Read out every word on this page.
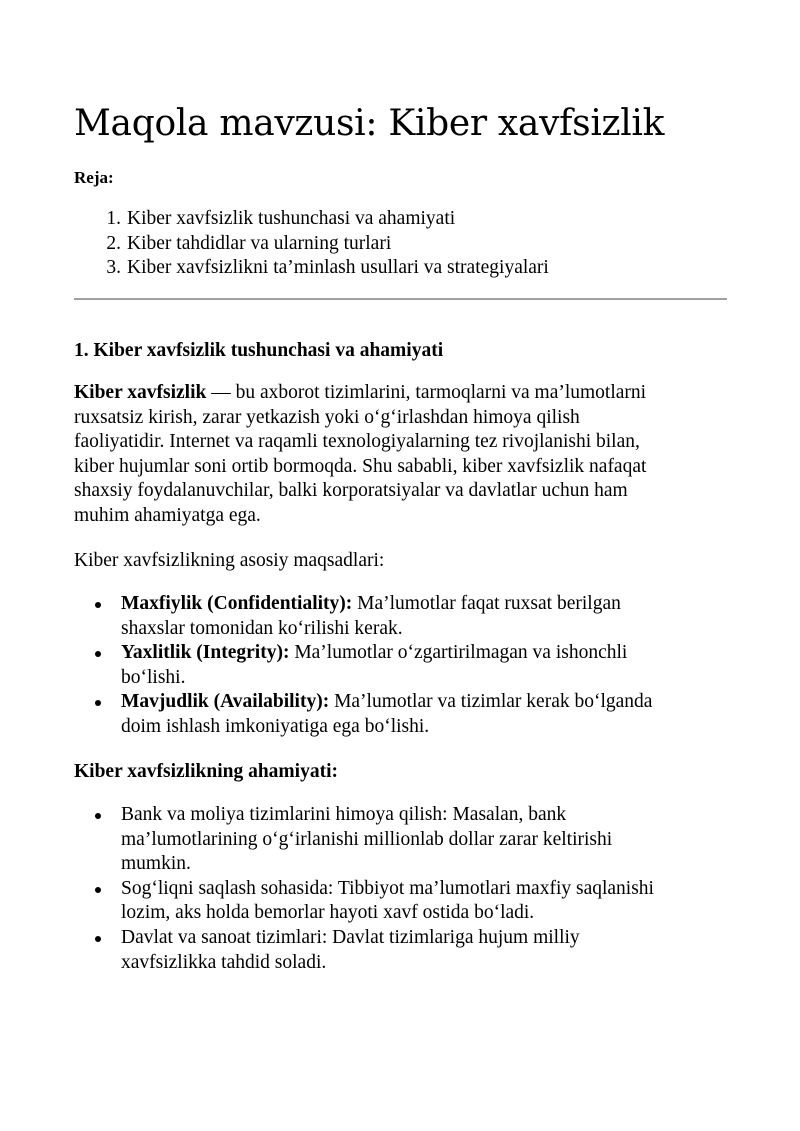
Maqola mavzusi: Kiber xavfsizlik
Reja:
1. Kiber xavfsizlik tushunchasi va ahamiyati
2. Kiber tahdidlar va ularning turlari
3. Kiber xavfsizlikni ta’minlash usullari va strategiyalari
1. Kiber xavfsizlik tushunchasi va ahamiyati

Kiber xavfsizlik — bu axborot tizimlarini, tarmoqlarni va ma’lumotlarni
ruxsatsiz kirish, zarar yetkazish yoki o‘g‘irlashdan himoya qilish
faoliyatidir. Internet va raqamli texnologiyalarning tez rivojlanishi bilan,
kiber hujumlar soni ortib bormoqda. Shu sababli, kiber xavfsizlik nafaqat
shaxsiy foydalanuvchilar, balki korporatsiyalar va davlatlar uchun ham
muhim ahamiyatga ega.

Kiber xavfsizlikning asosiy maqsadlari:

Maxfiylik (Confidentiality): Ma’lumotlar faqat ruxsat berilgan
shaxslar tomonidan ko‘rilishi kerak.
Yaxlitlik (Integrity): Ma’lumotlar o‘zgartirilmagan va ishonchli
bo‘lishi.
Mavjudlik (Availability): Ma’lumotlar va tizimlar kerak bo‘lganda
doim ishlash imkoniyatiga ega bo‘lishi.
Kiber xavfsizlikning ahamiyati:
Bank va moliya tizimlarini himoya qilish: Masalan, bank
ma’lumotlarining o‘g‘irlanishi millionlab dollar zarar keltirishi
mumkin.
Sog‘liqni saqlash sohasida: Tibbiyot ma’lumotlari maxfiy saqlanishi
lozim, aks holda bemorlar hayoti xavf ostida bo‘ladi.
Davlat va sanoat tizimlari: Davlat tizimlariga hujum milliy
xavfsizlikka tahdid soladi.
